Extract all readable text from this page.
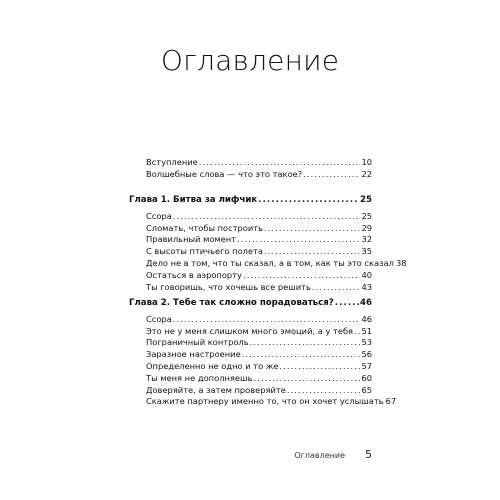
Оглавление
Вступление .....	10
Волшебные слова — что это такое? .....	22
Глава 1. Битва за лифчик .....	25
Ссора .....	25
Сломать, чтобы построить .....	29
Правильный момент .....	32
С высоты птичьего полета .....	35
Дело не в том, что ты сказал, а в том, как ты это сказал 38
Остаться в аэропорту .....	40
Ты говоришь, что хочешь все решить .....	43
Глава 2. Тебе так сложно порадоваться? .....	46
Ссора .....	46
Это не у меня слишком много эмоций, а у тебя ..... 51
Пограничный контроль .....	53
Заразное настроение .....	56
Определенно не одно и то же .....	57
Ты меня не дополняешь .....	60
Доверяйте, а затем проверяйте .....	65
Скажите партнеру именно то, что он хочет услышать 67
Оглавление 5
